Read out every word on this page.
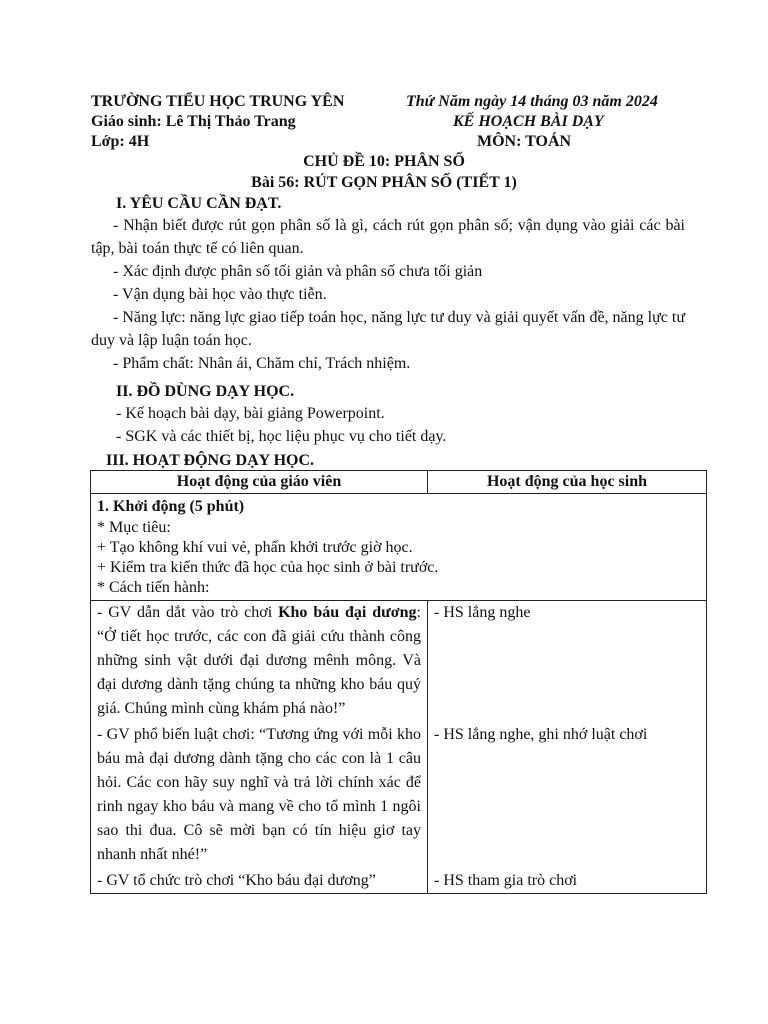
TRƯỜNG TIỂU HỌC TRUNG YÊN	Thứ Năm ngày 14 tháng 03 năm 2024
Giáo sinh: Lê Thị Thảo Trang	KẾ HOẠCH BÀI DẠY
Lớp: 4H	MÔN: TOÁN
CHỦ ĐỀ 10: PHÂN SỐ
Bài 56: RÚT GỌN PHÂN SỐ (TIẾT 1)
I. YÊU CẦU CẦN ĐẠT.

- Nhận biết được rút gọn phân số là gì, cách rút gọn phân số; vận dụng vào giải các bài tập, bài toán thực tế có liên quan.

- Xác định được phân số tối giản và phân số chưa tối giản

- Vận dụng bài học vào thực tiễn.

- Năng lực: năng lực giao tiếp toán học, năng lực tư duy và giải quyết vấn đề, năng lực tư duy và lập luận toán học.

- Phẩm chất: Nhân ái, Chăm chỉ, Trách nhiệm.

II. ĐỒ DÙNG DẠY HỌC.
- Kế hoạch bài dạy, bài giảng Powerpoint.
- SGK và các thiết bị, học liệu phục vụ cho tiết dạy.
III. HOẠT ĐỘNG DẠY HỌC.
Hoạt động của giáo viên	Hoạt động của học sinh

1. Khởi động (5 phút)
* Mục tiêu:
+ Tạo không khí vui vẻ, phấn khởi trước giờ học.
+ Kiểm tra kiến thức đã học của học sinh ở bài trước.
* Cách tiến hành:	

- GV dẫn dắt vào trò chơi Kho báu đại dương: “Ở tiết học trước, các con đã giải cứu thành công những sinh vật dưới đại dương mênh mông. Và đại dương dành tặng chúng ta những kho báu quý giá. Chúng mình cùng khám phá nào!”	- HS lắng nghe

- GV phổ biến luật chơi: “Tương ứng với mỗi kho báu mà đại dương dành tặng cho các con là 1 câu hỏi. Các con hãy suy nghĩ và trả lời chính xác để rinh ngay kho báu và mang về cho tổ mình 1 ngôi sao thi đua. Cô sẽ mời bạn có tín hiệu giơ tay nhanh nhất nhé!”	- HS lắng nghe, ghi nhớ luật chơi

- GV tổ chức trò chơi “Kho báu đại dương”	- HS tham gia trò chơi
